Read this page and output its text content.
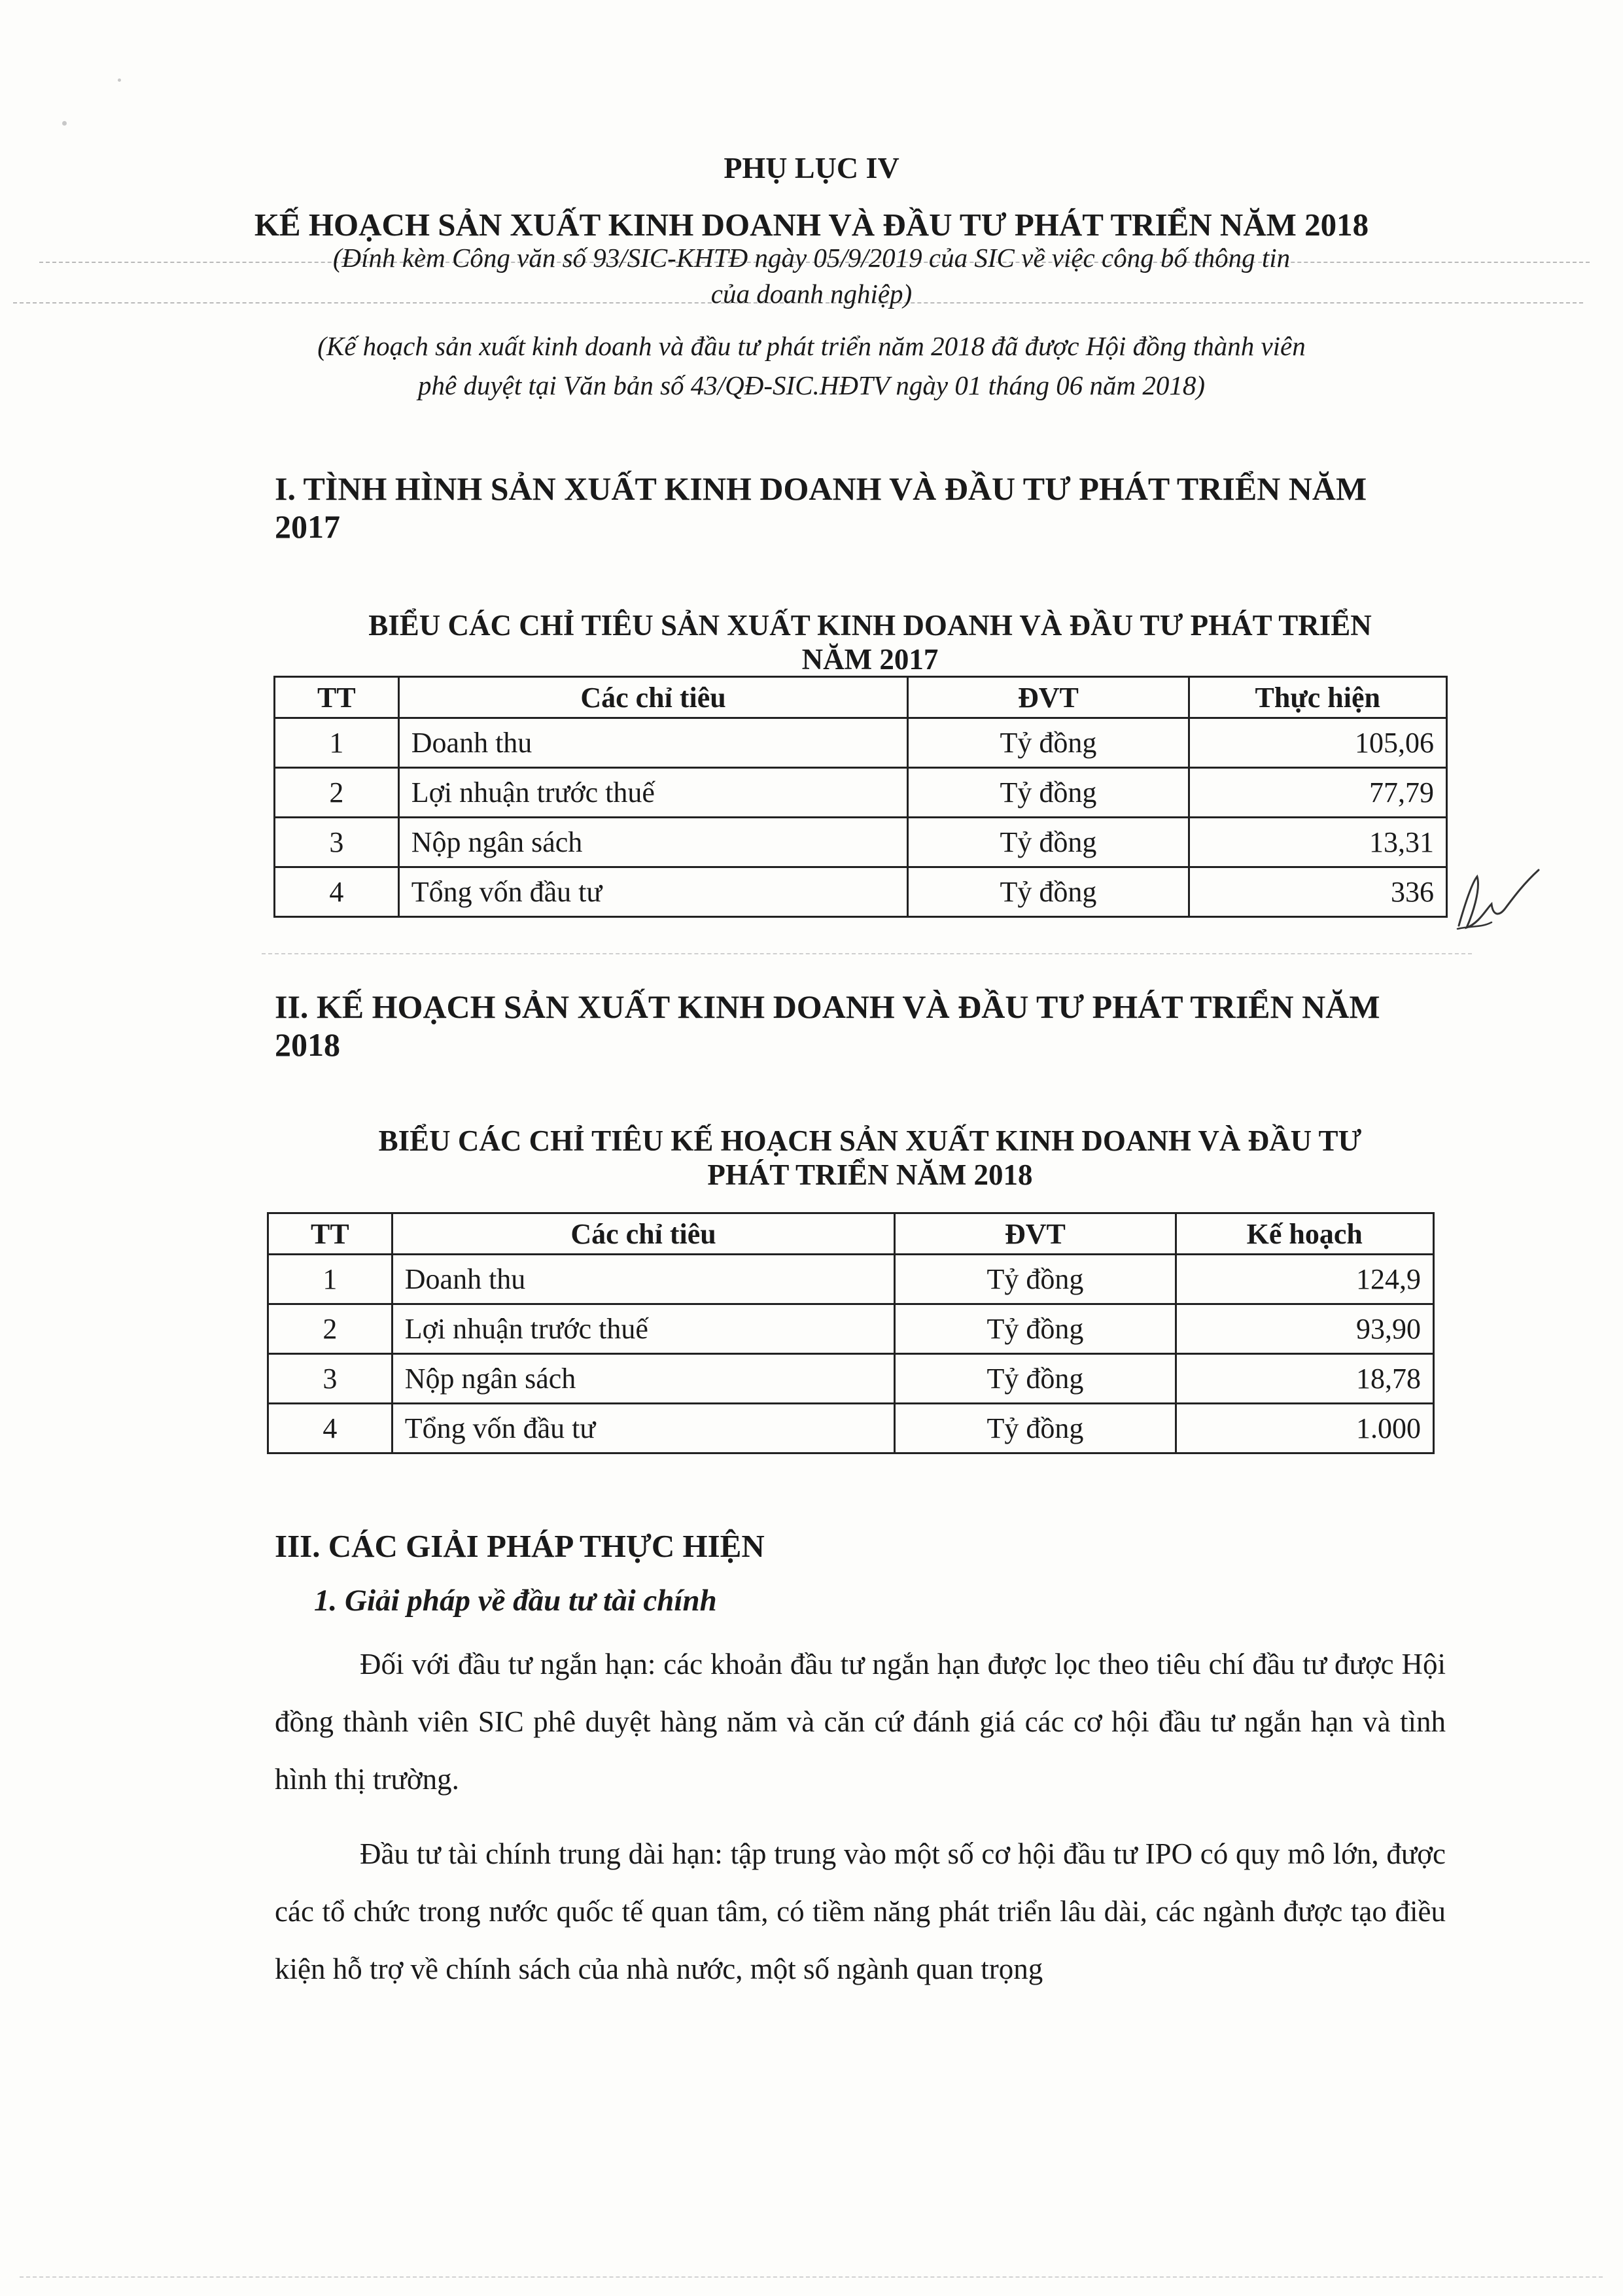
PHỤ LỤC IV
KẾ HOẠCH SẢN XUẤT KINH DOANH VÀ ĐẦU TƯ PHÁT TRIỂN NĂM 2018
(Đính kèm Công văn số 93/SIC-KHTĐ ngày 05/9/2019 của SIC về việc công bố thông tin
của doanh nghiệp)
(Kế hoạch sản xuất kinh doanh và đầu tư phát triển năm 2018 đã được Hội đồng thành viên
phê duyệt tại Văn bản số 43/QĐ-SIC.HĐTV ngày 01 tháng 06 năm 2018)
I. TÌNH HÌNH SẢN XUẤT KINH DOANH VÀ ĐẦU TƯ PHÁT TRIỂN NĂM
2017
BIỂU CÁC CHỈ TIÊU SẢN XUẤT KINH DOANH VÀ ĐẦU TƯ PHÁT TRIỂN
NĂM 2017
TT	Các chỉ tiêu	ĐVT	Thực hiện
1	Doanh thu	Tỷ đồng	105,06
2	Lợi nhuận trước thuế	Tỷ đồng	77,79
3	Nộp ngân sách	Tỷ đồng	13,31
4	Tổng vốn đầu tư	Tỷ đồng	336
II. KẾ HOẠCH SẢN XUẤT KINH DOANH VÀ ĐẦU TƯ PHÁT TRIỂN NĂM
2018
BIỂU CÁC CHỈ TIÊU KẾ HOẠCH SẢN XUẤT KINH DOANH VÀ ĐẦU TƯ
PHÁT TRIỂN NĂM 2018
TT	Các chỉ tiêu	ĐVT	Kế hoạch
1	Doanh thu	Tỷ đồng	124,9
2	Lợi nhuận trước thuế	Tỷ đồng	93,90
3	Nộp ngân sách	Tỷ đồng	18,78
4	Tổng vốn đầu tư	Tỷ đồng	1.000
III. CÁC GIẢI PHÁP THỰC HIỆN
1. Giải pháp về đầu tư tài chính
Đối với đầu tư ngắn hạn: các khoản đầu tư ngắn hạn được lọc theo tiêu chí đầu tư được Hội đồng thành viên SIC phê duyệt hàng năm và căn cứ đánh giá các cơ hội đầu tư ngắn hạn và tình hình thị trường.
Đầu tư tài chính trung dài hạn: tập trung vào một số cơ hội đầu tư IPO có quy mô lớn, được các tổ chức trong nước quốc tế quan tâm, có tiềm năng phát triển lâu dài, các ngành được tạo điều kiện hỗ trợ về chính sách của nhà nước, một số ngành quan trọng
